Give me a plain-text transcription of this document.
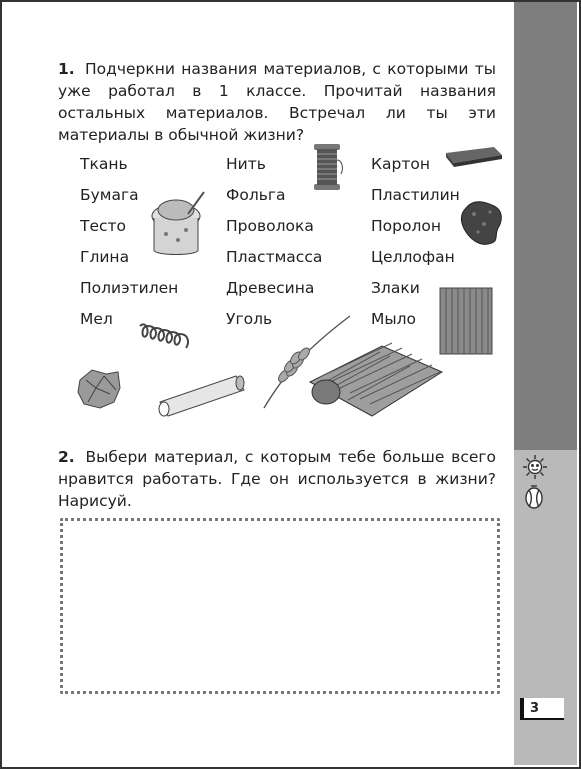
3
1. Подчеркни названия материалов, с которыми ты уже работал в 1 классе. Прочитай названия остальных материалов. Встречал ли ты эти материалы в обычной жизни?
Ткань
Бумага
Тесто
Глина
Полиэтилен
Мел
Нить
Фольга
Проволока
Пластмасса
Древесина
Уголь
Картон
Пластилин
Поролон
Целлофан
Злаки
Мыло
2. Выбери материал, с которым тебе больше всего нравится работать. Где он используется в жизни? Нарисуй.
